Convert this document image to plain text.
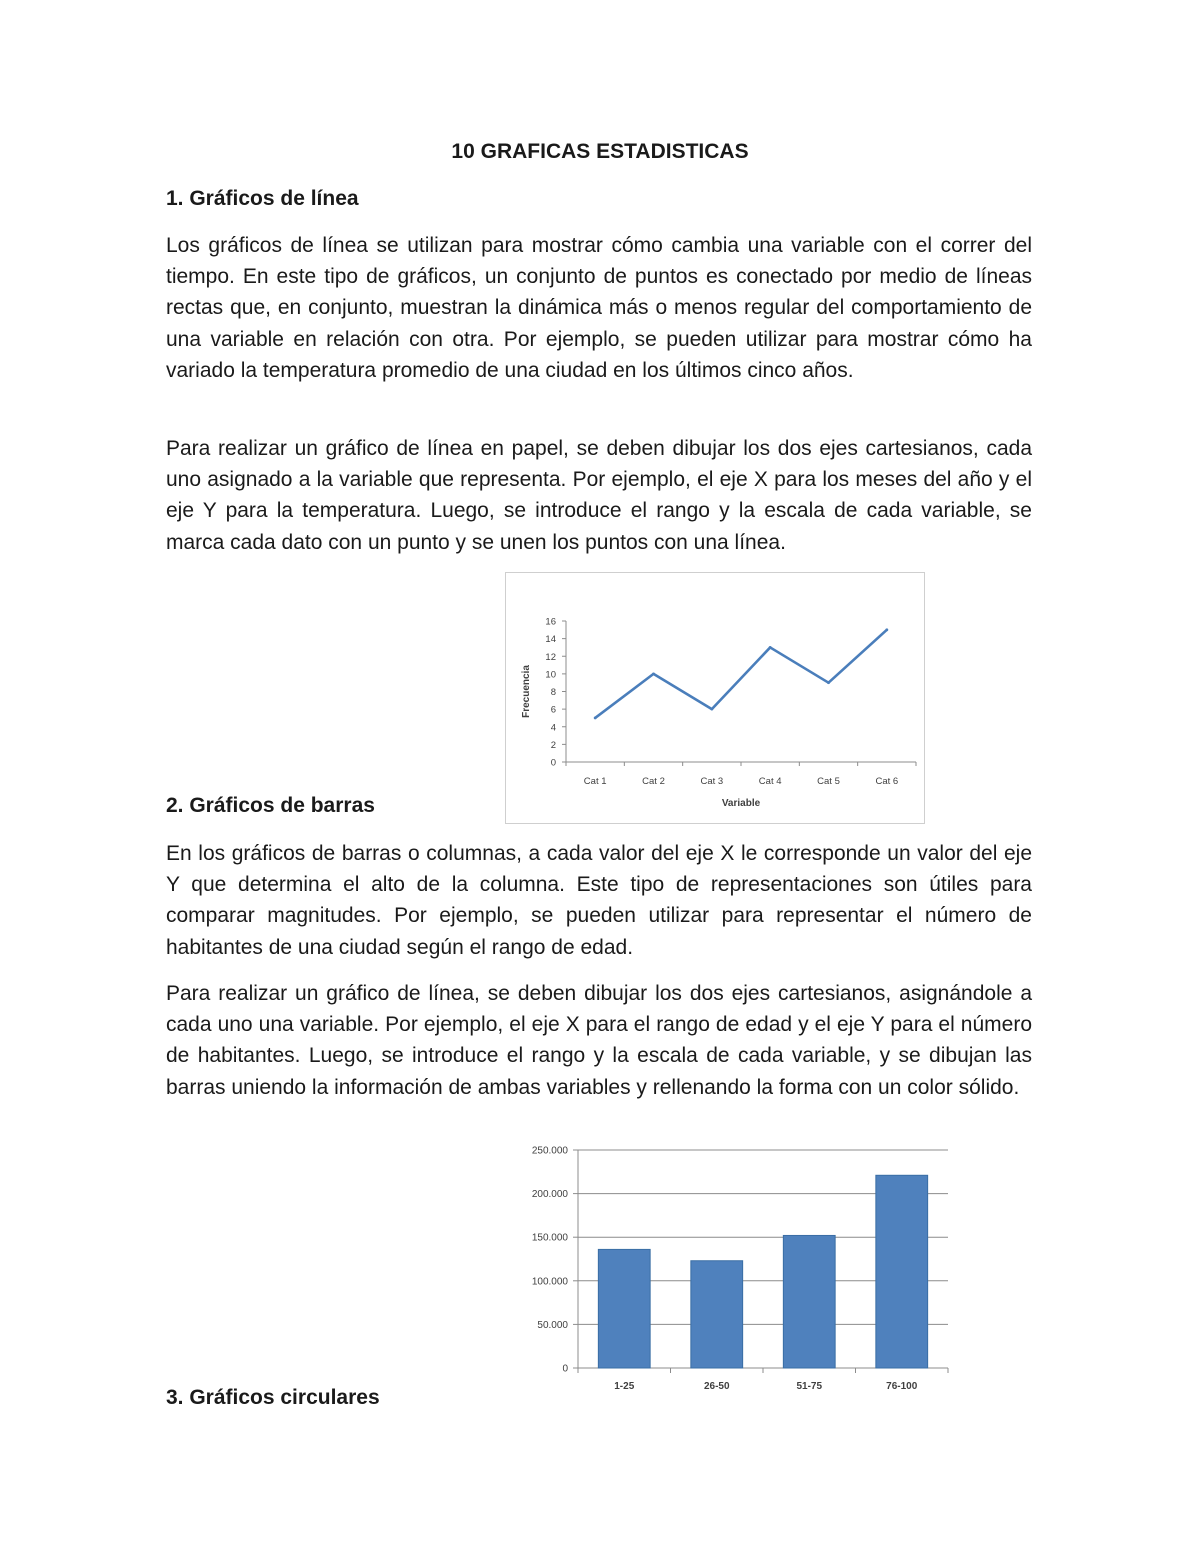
10 GRAFICAS ESTADISTICAS
1. Gráficos de línea

Los gráficos de línea se utilizan para mostrar cómo cambia una variable con el correr del tiempo. En este tipo de gráficos, un conjunto de puntos es conectado por medio de líneas rectas que, en conjunto, muestran la dinámica más o menos regular del comportamiento de una variable en relación con otra. Por ejemplo, se pueden utilizar para mostrar cómo ha variado la temperatura promedio de una ciudad en los últimos cinco años.

Para realizar un gráfico de línea en papel, se deben dibujar los dos ejes cartesianos, cada uno asignado a la variable que representa. Por ejemplo, el eje X para los meses del año y el eje Y para la temperatura. Luego, se introduce el rango y la escala de cada variable, se marca cada dato con un punto y se unen los puntos con una línea.

0
2
4
6
8
10
12
14
16
Cat 1	Cat 2	Cat 3	Cat 4	Cat 5	Cat 6
Variable
Frecuencia
2. Gráficos de barras

En los gráficos de barras o columnas, a cada valor del eje X le corresponde un valor del eje Y que determina el alto de la columna. Este tipo de representaciones son útiles para comparar magnitudes. Por ejemplo, se pueden utilizar para representar el número de habitantes de una ciudad según el rango de edad.

Para realizar un gráfico de línea, se deben dibujar los dos ejes cartesianos, asignándole a cada uno una variable. Por ejemplo, el eje X para el rango de edad y el eje Y para el número de habitantes. Luego, se introduce el rango y la escala de cada variable, y se dibujan las barras uniendo la información de ambas variables y rellenando la forma con un color sólido.

0
50.000
100.000
150.000
200.000
250.000
1-25	26-50	51-75	76-100
3. Gráficos circulares
